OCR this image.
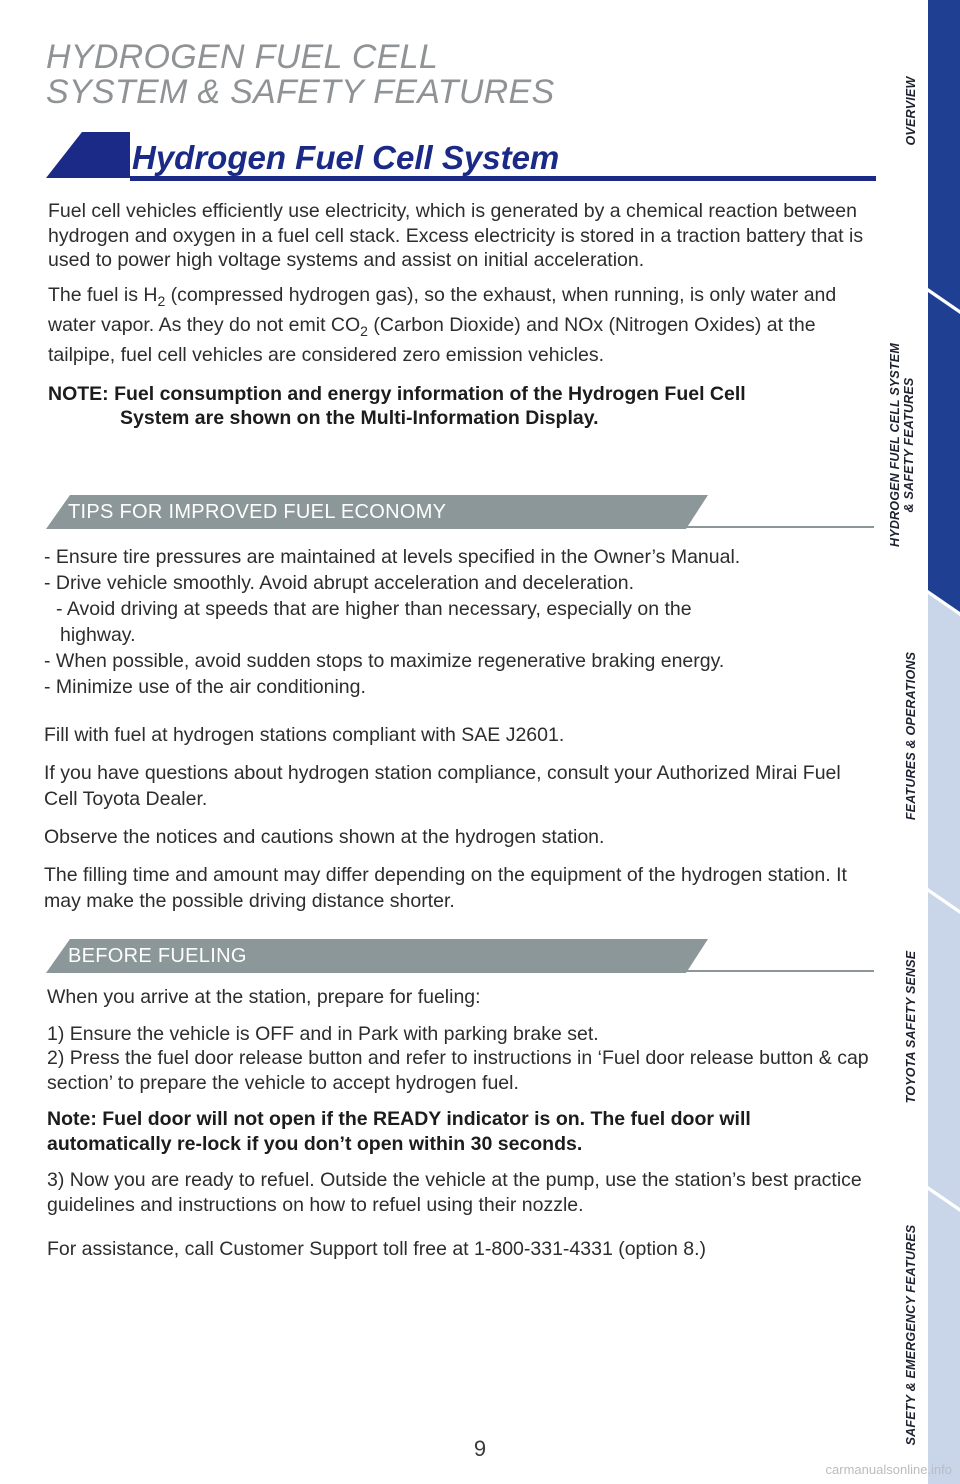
HYDROGEN FUEL CELL
SYSTEM & SAFETY FEATURES
Hydrogen Fuel Cell System

Fuel cell vehicles efficiently use electricity, which is generated by a chemical reaction between hydrogen and oxygen in a fuel cell stack. Excess electricity is stored in a traction battery that is used to power high voltage systems and assist on initial acceleration.

The fuel is $H_2$ (compressed hydrogen gas), so the exhaust, when running, is only water and water vapor. As they do not emit $CO_2$ (Carbon Dioxide) and NOx (Nitrogen Oxides) at the tailpipe, fuel cell vehicles are considered zero emission vehicles.

NOTE: Fuel consumption and energy information of the Hydrogen Fuel Cell
System are shown on the Multi-Information Display.

TIPS FOR IMPROVED FUEL ECONOMY
- Ensure tire pressures are maintained at levels specified in the Owner’s Manual.
- Drive vehicle smoothly. Avoid abrupt acceleration and deceleration.
- Avoid driving at speeds that are higher than necessary, especially on the
highway.
- When possible, avoid sudden stops to maximize regenerative braking energy.
- Minimize use of the air conditioning.

Fill with fuel at hydrogen stations compliant with SAE J2601.

If you have questions about hydrogen station compliance, consult your Authorized Mirai Fuel Cell Toyota Dealer.

Observe the notices and cautions shown at the hydrogen station.

The filling time and amount may differ depending on the equipment of the hydrogen station. It may make the possible driving distance shorter.

BEFORE FUELING

When you arrive at the station, prepare for fueling:

1) Ensure the vehicle is OFF and in Park with parking brake set.

2) Press the fuel door release button and refer to instructions in ‘Fuel door release button & cap section’ to prepare the vehicle to accept hydrogen fuel.

Note: Fuel door will not open if the READY indicator is on. The fuel door will automatically re-lock if you don’t open within 30 seconds.

3) Now you are ready to refuel. Outside the vehicle at the pump, use the station’s best practice guidelines and instructions on how to refuel using their nozzle.

For assistance, call Customer Support toll free at 1-800-331-4331 (option 8.)

OVERVIEW
HYDROGEN FUEL CELL SYSTEM
& SAFETY FEATURES
FEATURES & OPERATIONS
TOYOTA SAFETY SENSE
SAFETY & EMERGENCY FEATURES
9
carmanualsonline.info
